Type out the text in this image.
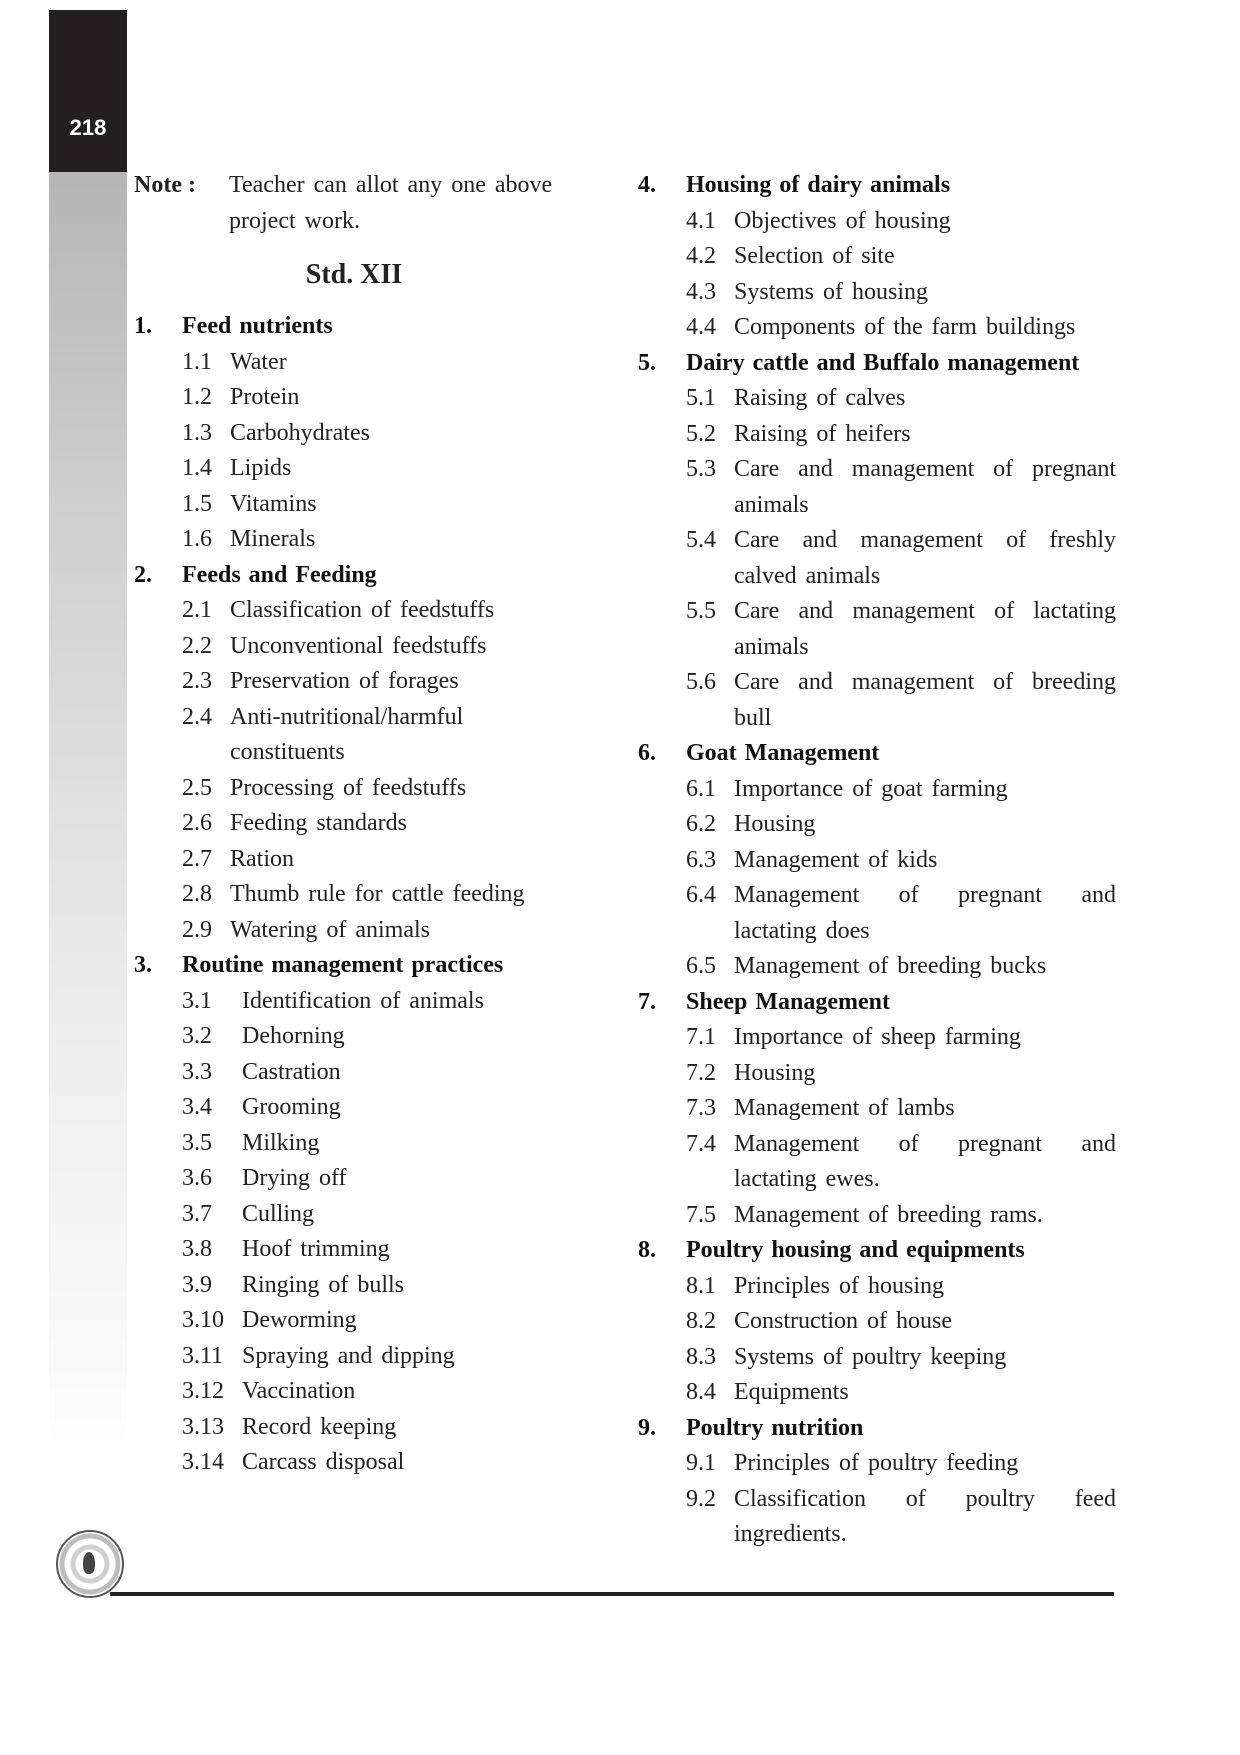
218
Note :	Teacher can allot any one above project work.
Std. XII
1.	Feed nutrients
1.1 Water
1.2 Protein
1.3 Carbohydrates
1.4 Lipids
1.5 Vitamins
1.6 Minerals
2.	Feeds and Feeding
2.1 Classification of feedstuffs
2.2 Unconventional feedstuffs
2.3 Preservation of forages
2.4 Anti-nutritional/harmful constituents
2.5 Processing of feedstuffs
2.6 Feeding standards
2.7 Ration
2.8 Thumb rule for cattle feeding
2.9 Watering of animals
3.	Routine management practices
3.1	Identification of animals
3.2	Dehorning
3.3	Castration
3.4	Grooming
3.5	Milking
3.6	Drying off
3.7	Culling
3.8	Hoof trimming
3.9	Ringing of bulls
3.10 Deworming
3.11 Spraying and dipping
3.12 Vaccination
3.13 Record keeping
3.14 Carcass disposal
4.	Housing of dairy animals
4.1 Objectives of housing
4.2 Selection of site
4.3 Systems of housing
4.4 Components of the farm buildings
5.	Dairy cattle and Buffalo management
5.1 Raising of calves
5.2 Raising of heifers
5.3 Care and management of pregnant animals
5.4 Care and management of freshly calved animals
5.5 Care and management of lactating animals
5.6 Care and management of breeding bull
6.	Goat Management
6.1 Importance of goat farming
6.2 Housing
6.3 Management of kids
6.4 Management of pregnant and lactating does
6.5 Management of breeding bucks
7.	Sheep Management
7.1 Importance of sheep farming
7.2 Housing
7.3 Management of lambs
7.4 Management of pregnant and lactating ewes.
7.5 Management of breeding rams.
8.	Poultry housing and equipments
8.1 Principles of housing
8.2 Construction of house
8.3 Systems of poultry keeping
8.4 Equipments
9.	Poultry nutrition
9.1 Principles of poultry feeding
9.2 Classification of poultry feed ingredients.
